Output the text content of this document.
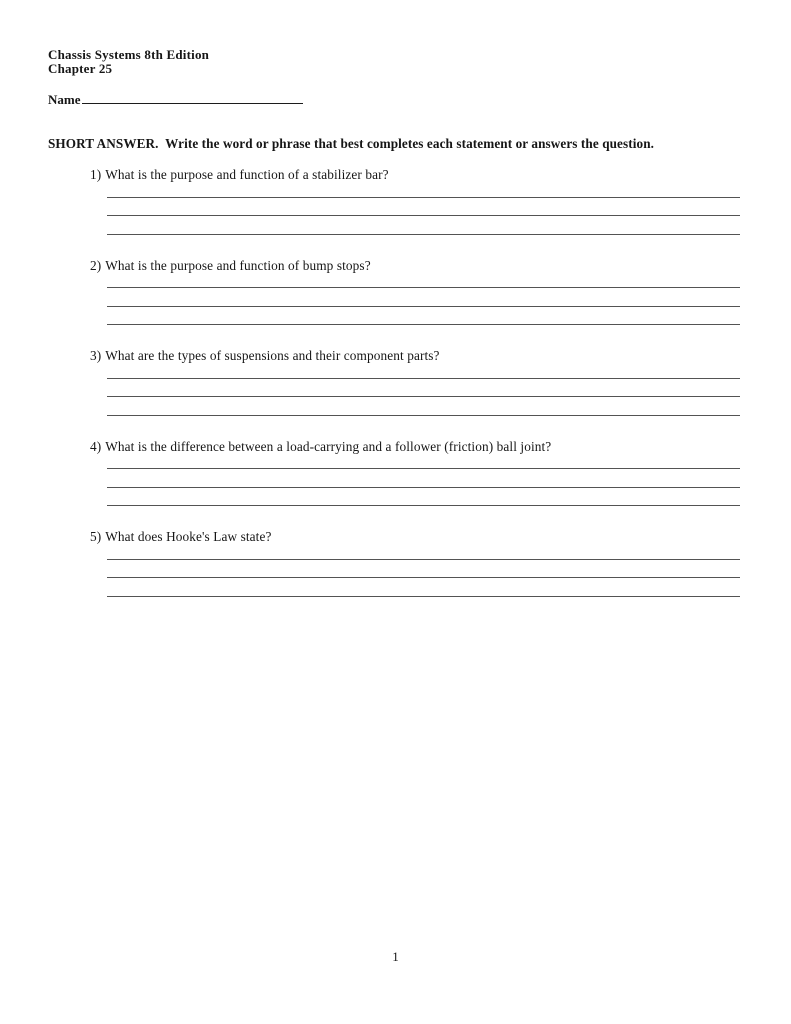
Chassis Systems 8th Edition
Chapter 25
Name
SHORT ANSWER.  Write the word or phrase that best completes each statement or answers the question.
1) What is the purpose and function of a stabilizer bar?
2) What is the purpose and function of bump stops?
3) What are the types of suspensions and their component parts?
4) What is the difference between a load-carrying and a follower (friction) ball joint?
5) What does Hooke's Law state?
1
